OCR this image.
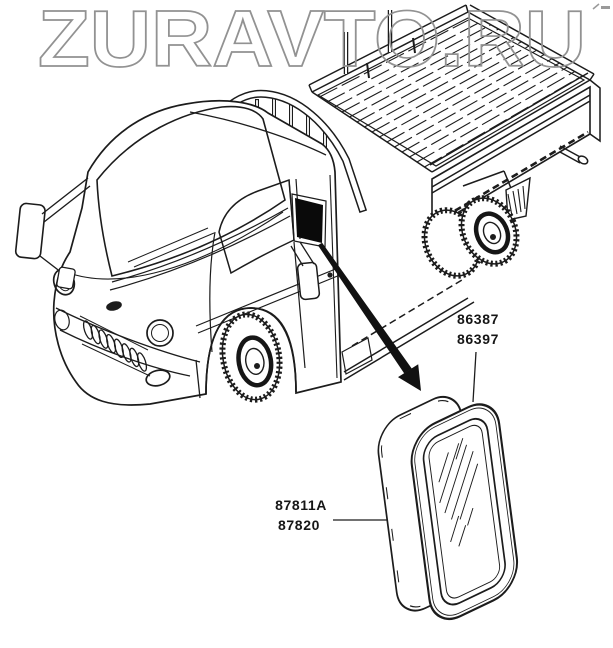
86387
86397
87811A
87820
ZURAVTO.RU
